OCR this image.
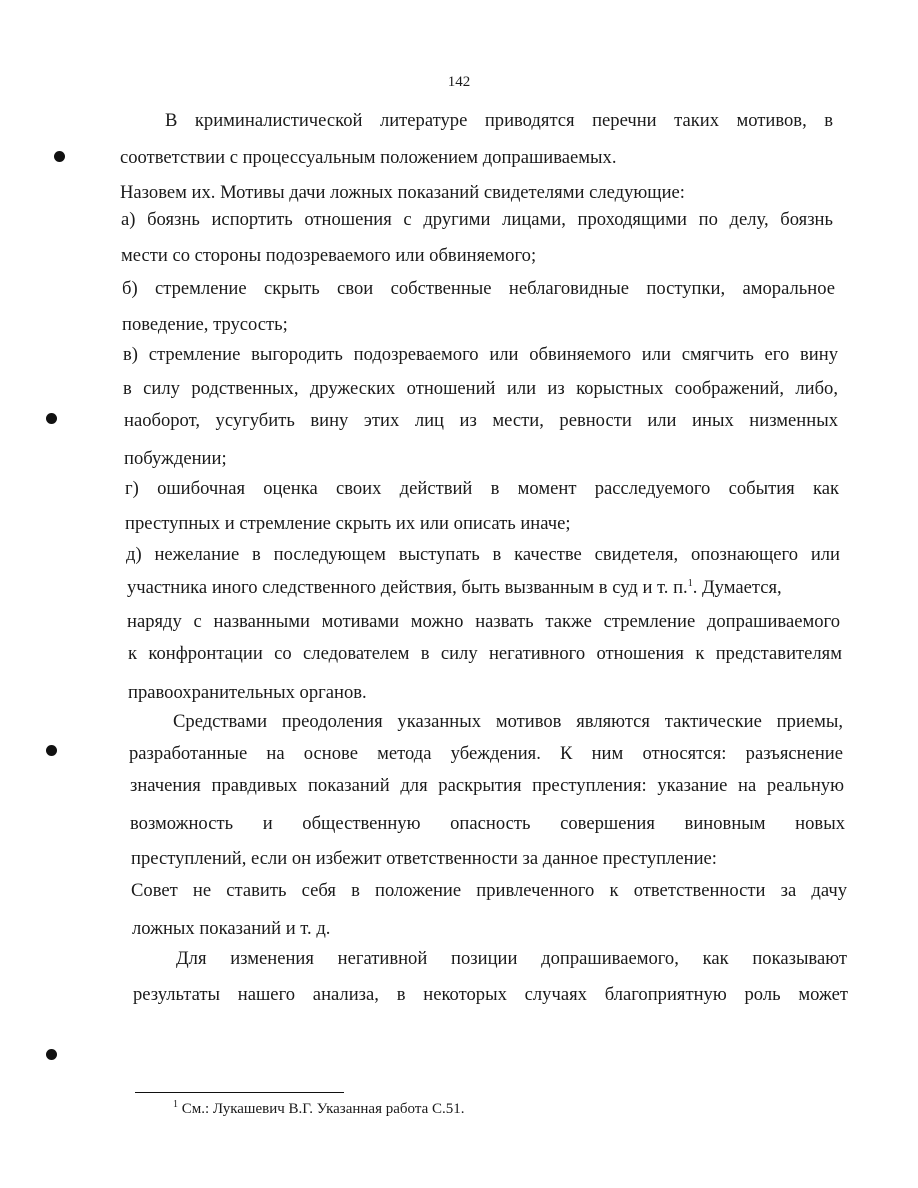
142
В криминалистической литературе приводятся перечни таких мотивов, в
соответствии с процессуальным положением допрашиваемых.
Назовем их. Мотивы дачи ложных показаний свидетелями следующие:
а) боязнь испортить отношения с другими лицами, проходящими по делу, боязнь
мести со стороны подозреваемого или обвиняемого;
б) стремление скрыть свои собственные неблаговидные поступки, аморальное
поведение, трусость;
в) стремление выгородить подозреваемого или обвиняемого или смягчить его вину
в силу родственных, дружеских отношений или из корыстных соображений, либо,
наоборот, усугубить вину этих лиц из мести, ревности или иных низменных
побуждении;
г) ошибочная оценка своих действий в момент расследуемого события как
преступных и стремление скрыть их или описать иначе;
д) нежелание в последующем выступать в качестве свидетеля, опознающего или
участника иного следственного действия, быть вызванным в суд и т. п.$^1$. Думается,
наряду с названными мотивами можно назвать также стремление допрашиваемого
к конфронтации со следователем в силу негативного отношения к представителям
правоохранительных органов.
Средствами преодоления указанных мотивов являются тактические приемы,
разработанные на основе метода убеждения. К ним относятся: разъяснение
значения правдивых показаний для раскрытия преступления: указание на реальную
возможность и общественную опасность совершения виновным новых
преступлений, если он избежит ответственности за данное преступление:
Совет не ставить себя в положение привлеченного к ответственности за дачу
ложных показаний и т. д.
Для изменения негативной позиции допрашиваемого, как показывают
результаты нашего анализа, в некоторых случаях благоприятную роль может
$^1$ См.: Лукашевич В.Г. Указанная работа С.51.
